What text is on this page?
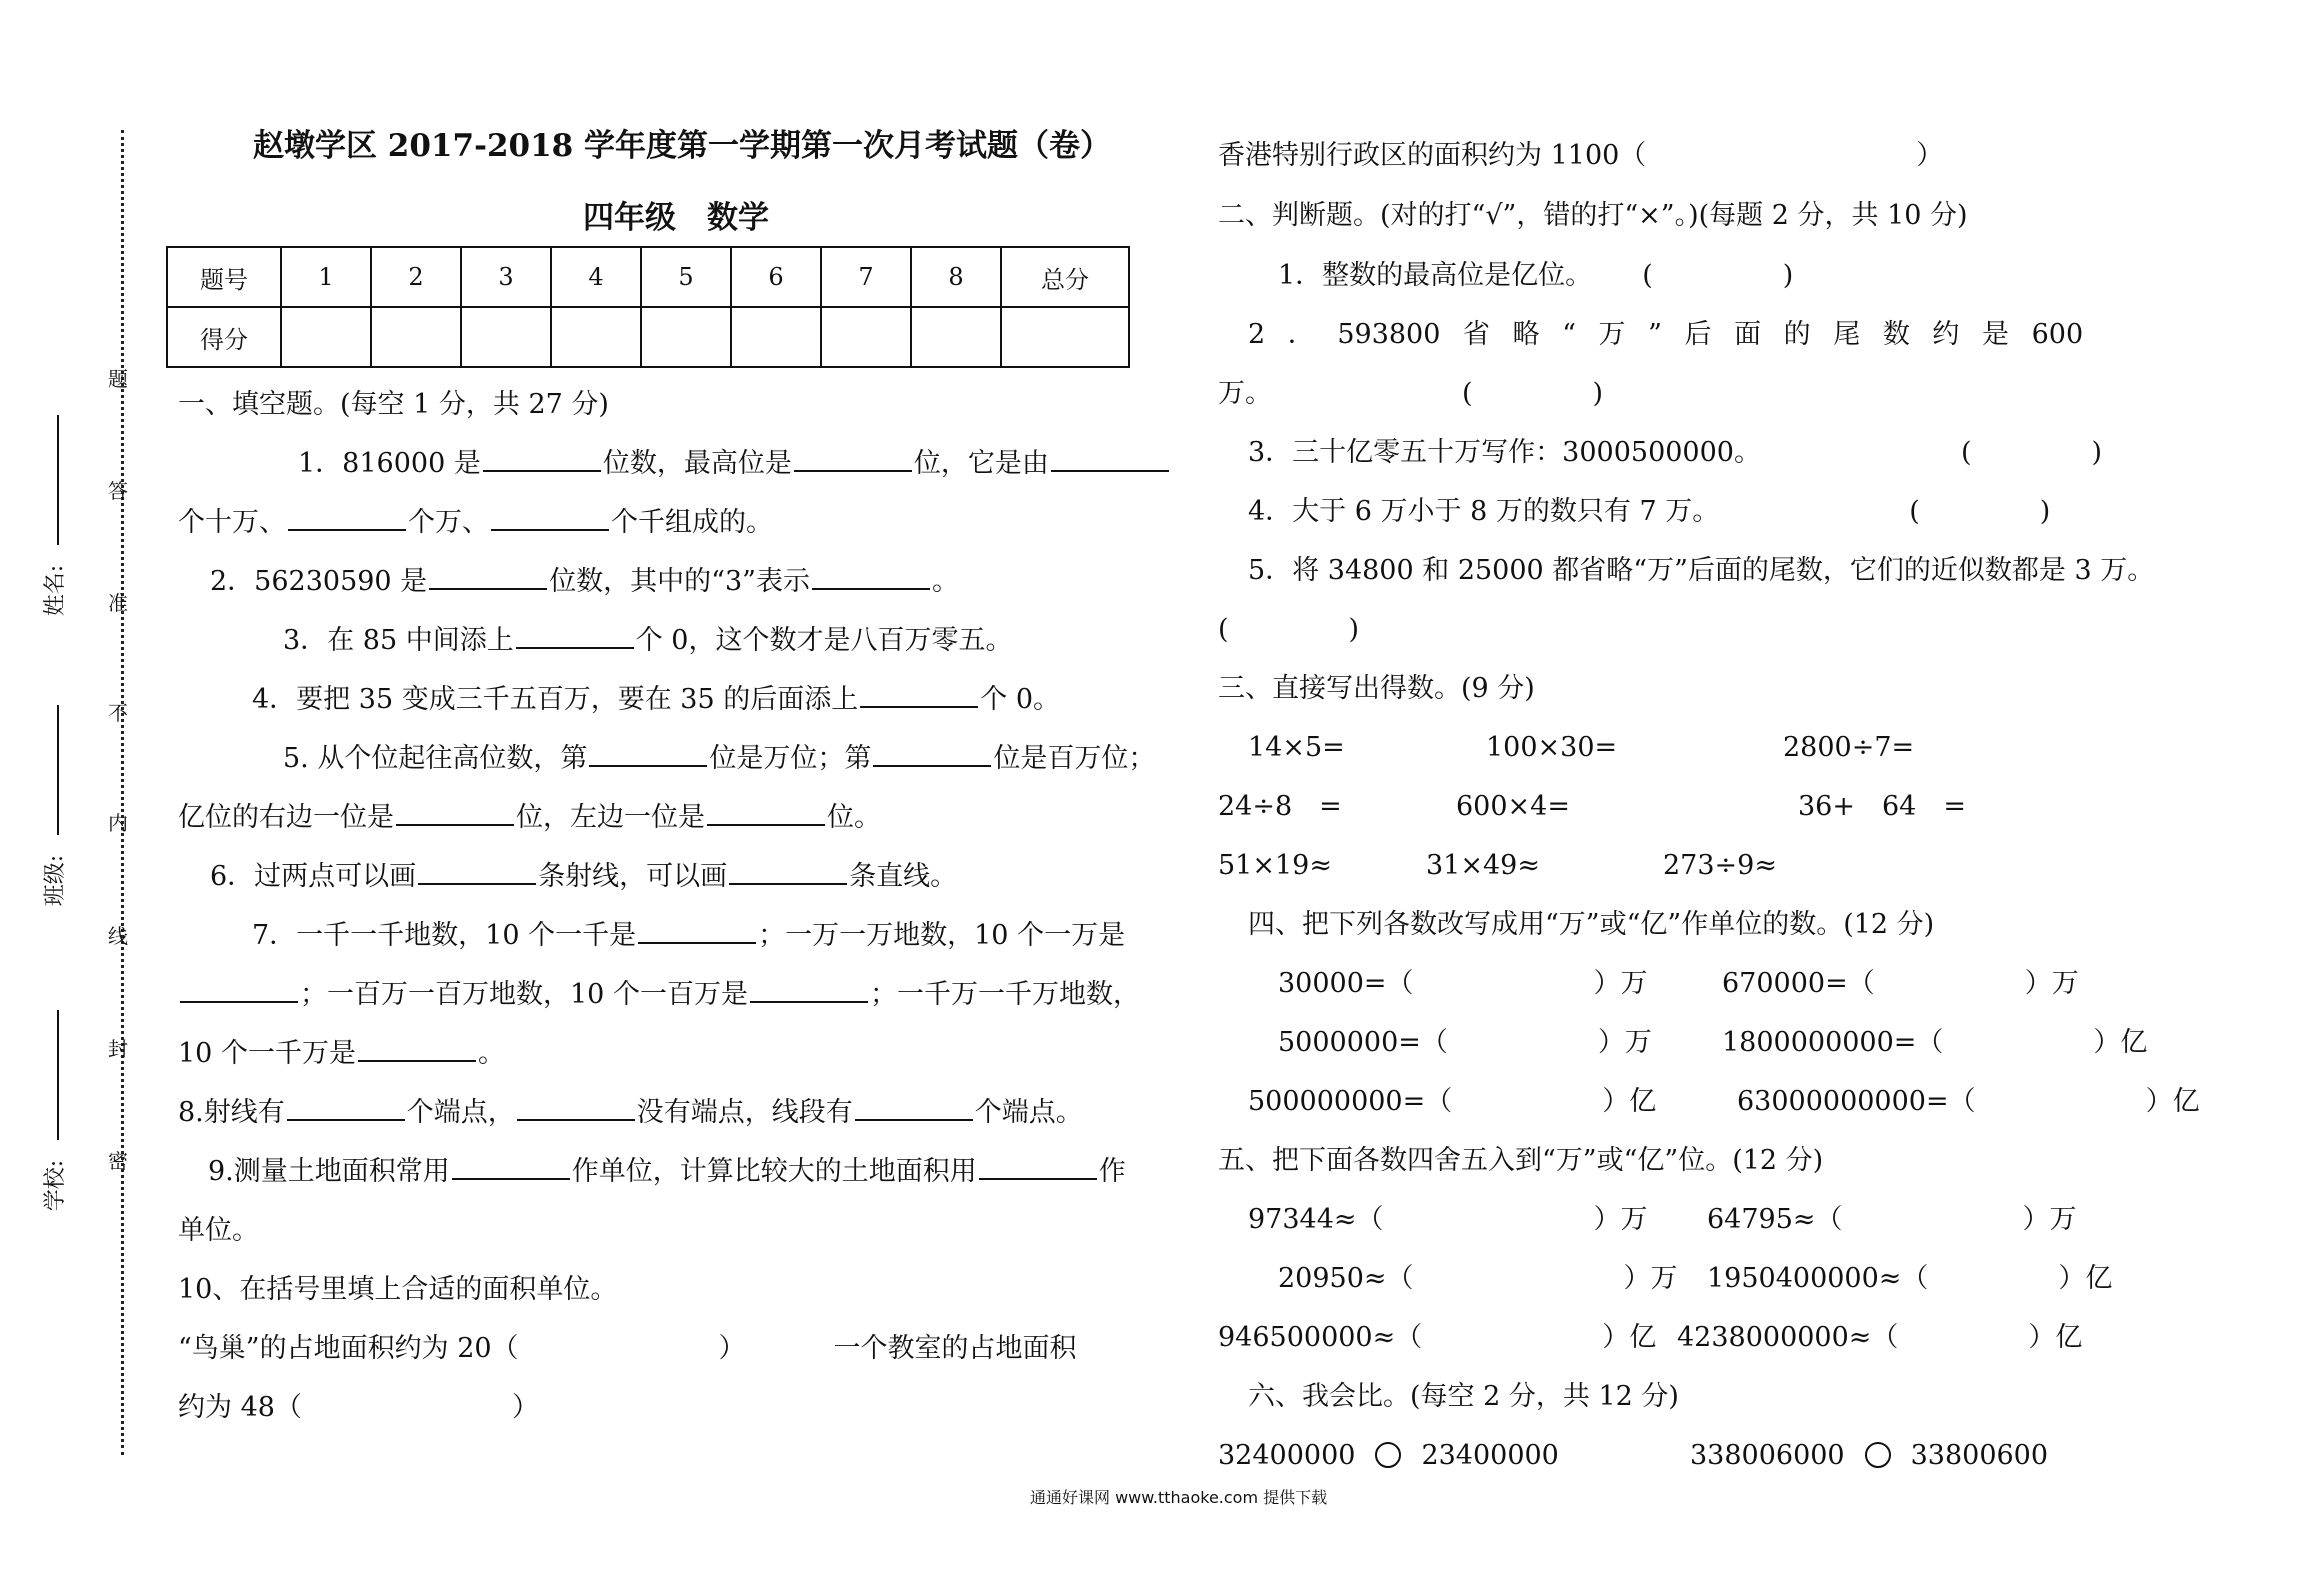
题
答
准
不
内
线
封
密
姓名:
班级:
学校:
赵墩学区 2017-2018 学年度第一学期第一次月考试题（卷）
四年级　数学
题号	1	2	3	4	5	6	7	8	总分
得分									
一、填空题。(每空 1 分，共 27 分)
1．816000 是	位数，最高位是	位，它是由
个十万、	个万、	个千组成的。
2．56230590 是	位数，其中的“3”表示	。
3．在 85 中间添上	个 0，这个数才是八百万零五。
4．要把 35 变成三千五百万，要在 35 的后面添上	个 0。
5. 从个位起往高位数，第	位是万位；第	位是百万位；
亿位的右边一位是	位，左边一位是	位。
6．过两点可以画	条射线，可以画	条直线。
7．一千一千地数，10 个一千是	；一万一万地数，10 个一万是
；一百万一百万地数，10 个一百万是	；一千万一千万地数，
10 个一千万是	。
8.射线有	个端点，	没有端点，线段有	个端点。
9.测量土地面积常用	作单位，计算比较大的土地面积用	作
单位。
10、在括号里填上合适的面积单位。
“鸟巢”的占地面积约为 20（	）	一个教室的占地面积
约为 48（	）
香港特别行政区的面积约为 1100（	）
二、判断题。(对的打“√”，错的打“×”。)(每题 2 分，共 10 分)
1．整数的最高位是亿位。 (	)
2 ． 593800 省 略 “ 万 ” 后 面 的 尾 数 约 是 600
万。	(	)
3．三十亿零五十万写作：3000500000。	(	)
4．大于 6 万小于 8 万的数只有 7 万。	(	)
5．将 34800 和 25000 都省略“万”后面的尾数，它们的近似数都是 3 万。
(	)
三、直接写出得数。(9 分)
14×5=	100×30=	2800÷7=
24÷8　=	600×4=	36+　64　=
51×19≈	31×49≈	273÷9≈
四、把下列各数改写成用“万”或“亿”作单位的数。(12 分)
30000=（	）万	670000=（	）万
5000000=（	）万	1800000000=（	）亿
500000000=（	）亿	63000000000=（	）亿
五、把下面各数四舍五入到“万”或“亿”位。(12 分)
97344≈（	）万 64795≈（	）万
20950≈（	）万 1950400000≈（	）亿
946500000≈（	）亿 4238000000≈（	）亿
六、我会比。(每空 2 分，共 12 分)
32400000 23400000	338006000 33800600
通通好课网 www.tthaoke.com 提供下载
